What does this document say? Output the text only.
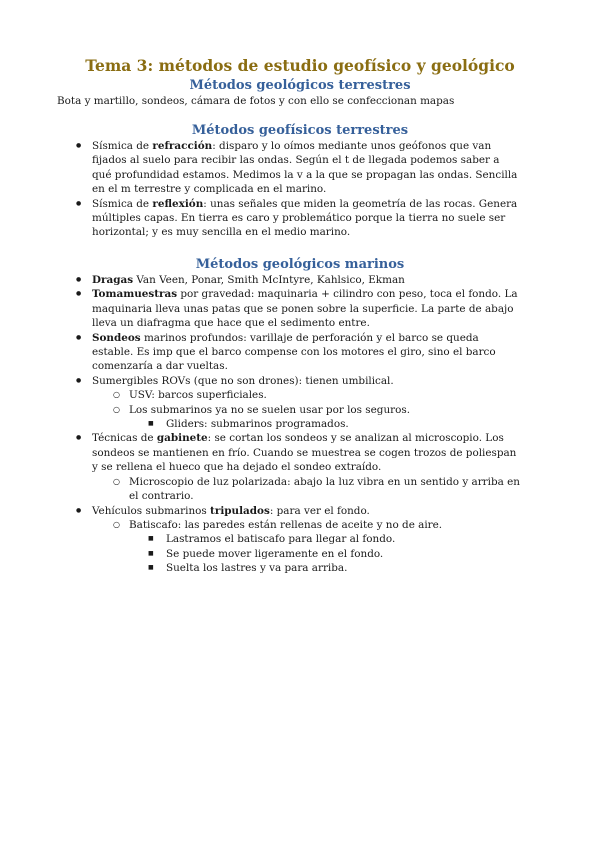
Tema 3: métodos de estudio geofísico y geológico
Métodos geológicos terrestres
Bota y martillo, sondeos, cámara de fotos y con ello se confeccionan mapas
Métodos geofísicos terrestres
● Sísmica de refracción: disparo y lo oímos mediante unos geófonos que van fijados al suelo para recibir las ondas. Según el t de llegada podemos saber a qué profundidad estamos. Medimos la v a la que se propagan las ondas. Sencilla en el m terrestre y complicada en el marino.
● Sísmica de reflexión: unas señales que miden la geometría de las rocas. Genera múltiples capas. En tierra es caro y problemático porque la tierra no suele ser horizontal; y es muy sencilla en el medio marino.
Métodos geológicos marinos
● Dragas Van Veen, Ponar, Smith McIntyre, Kahlsico, Ekman
● Tomamuestras por gravedad: maquinaria + cilindro con peso, toca el fondo. La maquinaria lleva unas patas que se ponen sobre la superficie. La parte de abajo lleva un diafragma que hace que el sedimento entre.
● Sondeos marinos profundos: varillaje de perforación y el barco se queda estable. Es imp que el barco compense con los motores el giro, sino el barco comenzaría a dar vueltas.
● Sumergibles ROVs (que no son drones): tienen umbilical.
○ USV: barcos superficiales.
○ Los submarinos ya no se suelen usar por los seguros.
■ Gliders: submarinos programados.
● Técnicas de gabinete: se cortan los sondeos y se analizan al microscopio. Los sondeos se mantienen en frío. Cuando se muestrea se cogen trozos de poliespan y se rellena el hueco que ha dejado el sondeo extraído.
○ Microscopio de luz polarizada: abajo la luz vibra en un sentido y arriba en el contrario.
● Vehículos submarinos tripulados: para ver el fondo.
○ Batiscafo: las paredes están rellenas de aceite y no de aire.
■ Lastramos el batiscafo para llegar al fondo.
■ Se puede mover ligeramente en el fondo.
■ Suelta los lastres y va para arriba.
